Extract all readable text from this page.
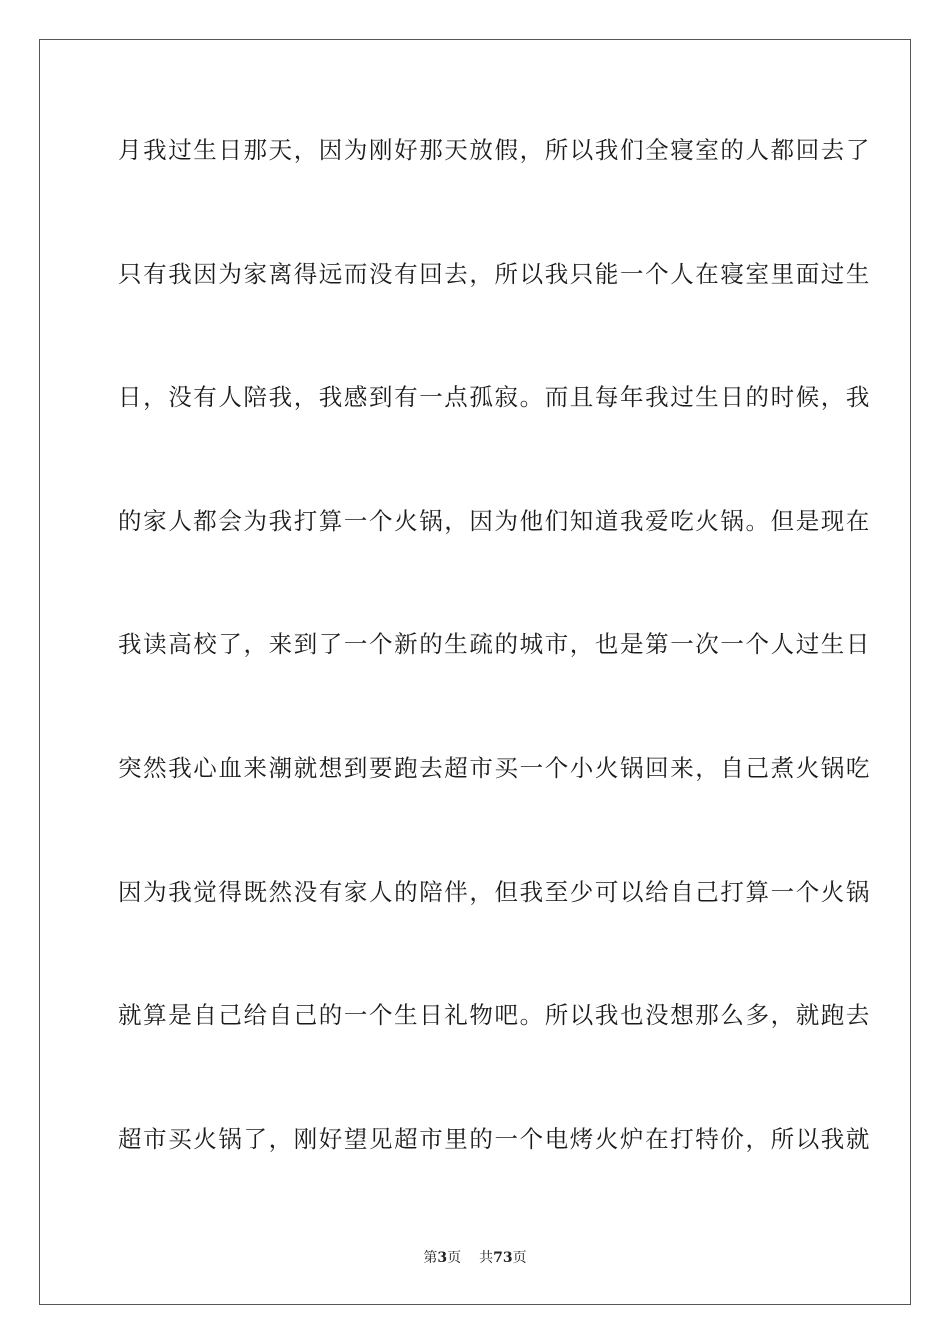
月我过生日那天，因为刚好那天放假，所以我们全寝室的人都回去了
只有我因为家离得远而没有回去，所以我只能一个人在寝室里面过生
日，没有人陪我，我感到有一点孤寂。而且每年我过生日的时候，我
的家人都会为我打算一个火锅，因为他们知道我爱吃火锅。但是现在
我读高校了，来到了一个新的生疏的城市，也是第一次一个人过生日
突然我心血来潮就想到要跑去超市买一个小火锅回来，自己煮火锅吃
因为我觉得既然没有家人的陪伴，但我至少可以给自己打算一个火锅
就算是自己给自己的一个生日礼物吧。所以我也没想那么多，就跑去
超市买火锅了，刚好望见超市里的一个电烤火炉在打特价，所以我就
第3页 共73页
